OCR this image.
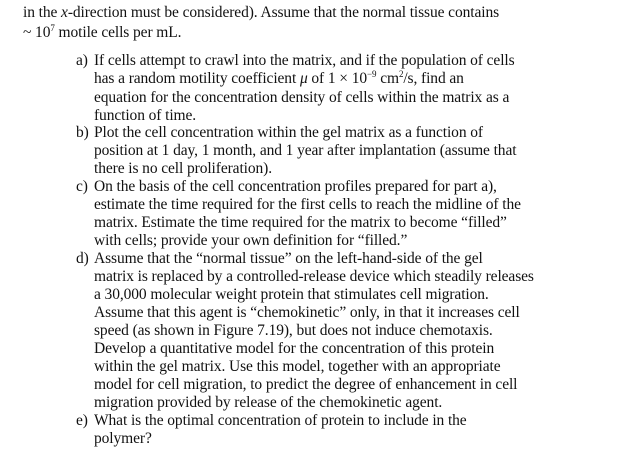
in the x-direction must be considered). Assume that the normal tissue contains
~ $10^7$ motile cells per mL.
a) If cells attempt to crawl into the matrix, and if the population of cells
has a random motility coefficient μ of $1 \times 10^{-9}$ $cm^2/s$, find an
equation for the concentration density of cells within the matrix as a
function of time.
b) Plot the cell concentration within the gel matrix as a function of
position at 1 day, 1 month, and 1 year after implantation (assume that
there is no cell proliferation).
c) On the basis of the cell concentration profiles prepared for part a),
estimate the time required for the first cells to reach the midline of the
matrix. Estimate the time required for the matrix to become “filled”
with cells; provide your own definition for “filled.”
d) Assume that the “normal tissue” on the left-hand-side of the gel
matrix is replaced by a controlled-release device which steadily releases
a 30,000 molecular weight protein that stimulates cell migration.
Assume that this agent is “chemokinetic” only, in that it increases cell
speed (as shown in Figure 7.19), but does not induce chemotaxis.
Develop a quantitative model for the concentration of this protein
within the gel matrix. Use this model, together with an appropriate
model for cell migration, to predict the degree of enhancement in cell
migration provided by release of the chemokinetic agent.
e) What is the optimal concentration of protein to include in the
polymer?
